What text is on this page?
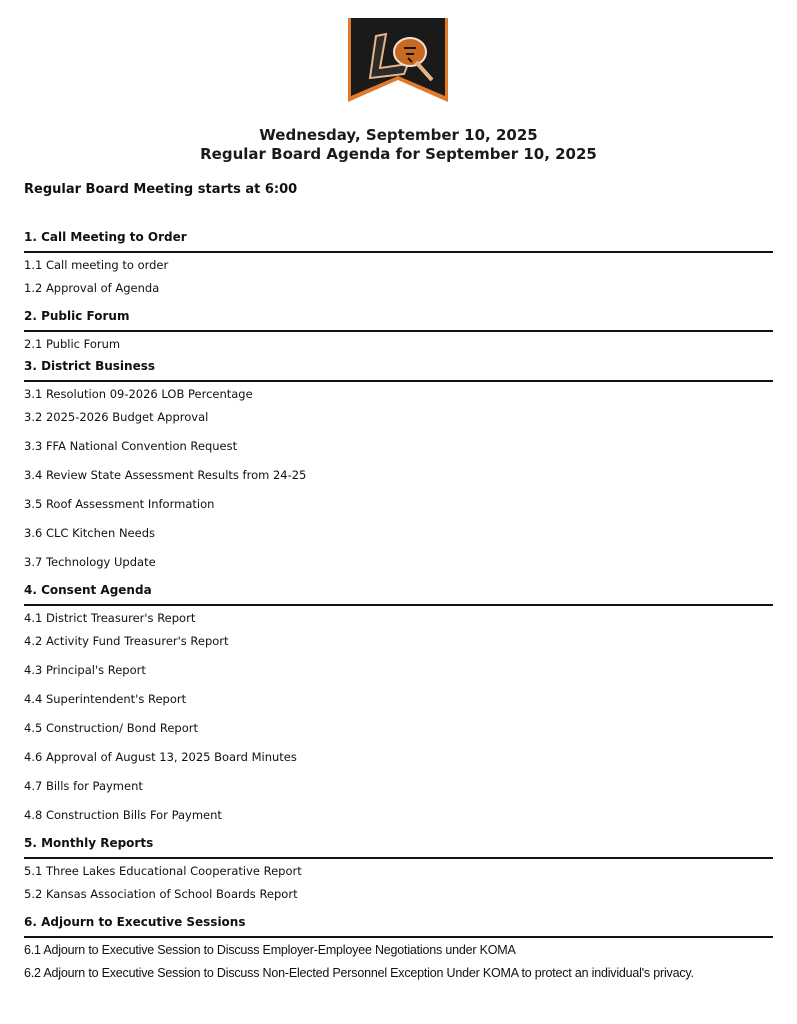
Wednesday, September 10, 2025
Regular Board Agenda for September 10, 2025
Regular Board Meeting starts at 6:00
1. Call Meeting to Order
1.1 Call meeting to order
1.2 Approval of Agenda
2. Public Forum
2.1 Public Forum
3. District Business
3.1 Resolution 09-2026 LOB Percentage
3.2 2025-2026 Budget Approval
3.3 FFA National Convention Request
3.4 Review State Assessment Results from 24-25
3.5 Roof Assessment Information
3.6 CLC Kitchen Needs
3.7 Technology Update
4. Consent Agenda
4.1 District Treasurer's Report
4.2 Activity Fund Treasurer's Report
4.3 Principal's Report
4.4 Superintendent's Report
4.5 Construction/ Bond Report
4.6 Approval of August 13, 2025 Board Minutes
4.7 Bills for Payment
4.8 Construction Bills For Payment
5. Monthly Reports
5.1 Three Lakes Educational Cooperative Report
5.2 Kansas Association of School Boards Report
6. Adjourn to Executive Sessions
6.1 Adjourn to Executive Session to Discuss Employer-Employee Negotiations under KOMA
6.2 Adjourn to Executive Session to Discuss Non-Elected Personnel Exception Under KOMA to protect an individual's privacy.
